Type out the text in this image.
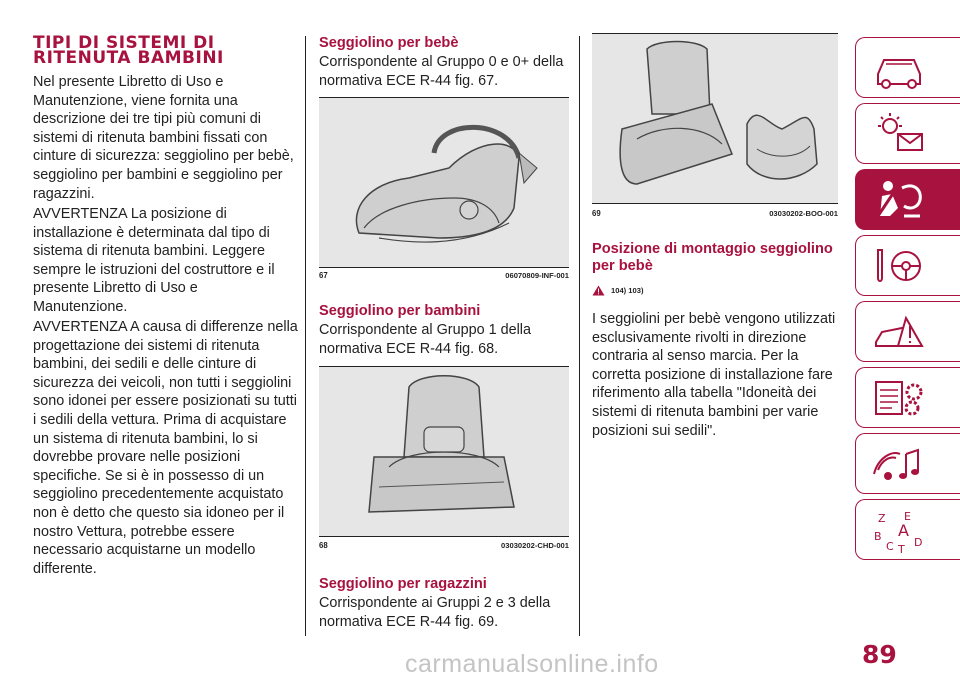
TIPI DI SISTEMI DI RITENUTA BAMBINI

Nel presente Libretto di Uso e Manutenzione, viene fornita una descrizione dei tre tipi più comuni di sistemi di ritenuta bambini fissati con cinture di sicurezza: seggiolino per bebè, seggiolino per bambini e seggiolino per ragazzini.

AVVERTENZA La posizione di installazione è determinata dal tipo di sistema di ritenuta bambini. Leggere sempre le istruzioni del costruttore e il presente Libretto di Uso e Manutenzione.

AVVERTENZA A causa di differenze nella progettazione dei sistemi di ritenuta bambini, dei sedili e delle cinture di sicurezza dei veicoli, non tutti i seggiolini sono idonei per essere posizionati su tutti i sedili della vettura. Prima di acquistare un sistema di ritenuta bambini, lo si dovrebbe provare nelle posizioni specifiche. Se si è in possesso di un seggiolino precedentemente acquistato non è detto che questo sia idoneo per il nostro Vettura, potrebbe essere necessario acquistarne un modello differente.

Seggiolino per bebè

Corrispondente al Gruppo 0 e 0+ della normativa ECE R-44 fig. 67.

67	06070809-INF-001
Seggiolino per bambini

Corrispondente al Gruppo 1 della normativa ECE R-44 fig. 68.

68	03030202-CHD-001
Seggiolino per ragazzini

Corrispondente ai Gruppi 2 e 3 della normativa ECE R-44 fig. 69.

69	03030202-BOO-001
Posizione di montaggio seggiolino per bebè
104) 103)

I seggiolini per bebè vengono utilizzati esclusivamente rivolti in direzione contraria al senso marcia. Per la corretta posizione di installazione fare riferimento alla tabella "Idoneità dei sistemi di ritenuta bambini per varie posizioni sui sedili".

Z E
B A
D
C T
89
carmanualsonline.info
